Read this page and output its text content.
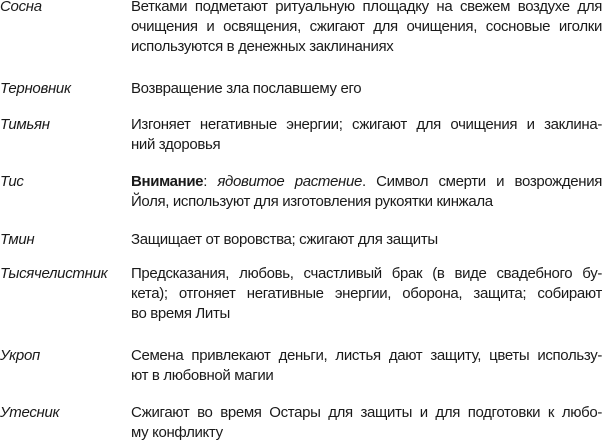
Сосна	Ветками подметают ритуальную площадку на свежем воздухе для
очищения и освящения, сжигают для очищения, сосновые иголки
используются в денежных заклинаниях
Терновник	Возвращение зла пославшему его
Тимьян	Изгоняет негативные энергии; сжигают для очищения и заклина-
ний здоровья
Тис	Внимание: ядовитое растение. Символ смерти и возрождения
Йоля, используют для изготовления рукоятки кинжала
Тмин	Защищает от воровства; сжигают для защиты
Тысячелистник	Предсказания, любовь, счастливый брак (в виде свадебного бу-
кета); отгоняет негативные энергии, оборона, защита; собирают
во время Литы
Укроп	Семена привлекают деньги, листья дают защиту, цветы использу-
ют в любовной магии
Утесник	Сжигают во время Остары для защиты и для подготовки к любо-
му конфликту
